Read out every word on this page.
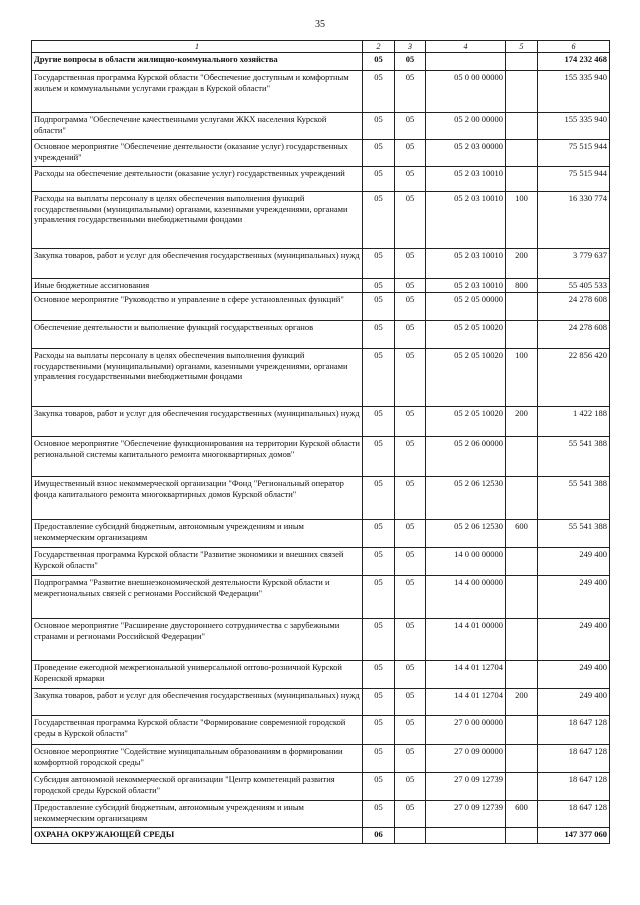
35
1	2	3	4	5	6
Другие вопросы в области жилищно-коммунального хозяйства	05	05			174 232 468
Государственная программа Курской области "Обеспечение доступным и комфортным жильем и коммунальными услугами граждан в Курской области"	05	05	05 0 00 00000		155 335 940
Подпрограмма "Обеспечение качественными услугами ЖКХ населения Курской области"	05	05	05 2 00 00000		155 335 940
Основное мероприятие "Обеспечение деятельности (оказание услуг) государственных учреждений"	05	05	05 2 03 00000		75 515 944
Расходы на обеспечение деятельности (оказание услуг) государственных учреждений	05	05	05 2 03 10010		75 515 944
Расходы на выплаты персоналу в целях обеспечения выполнения функций государственными (муниципальными) органами, казенными учреждениями, органами управления государственными внебюджетными фондами	05	05	05 2 03 10010	100	16 330 774
Закупка товаров, работ и услуг для обеспечения государственных (муниципальных) нужд	05	05	05 2 03 10010	200	3 779 637
Иные бюджетные ассигнования	05	05	05 2 03 10010	800	55 405 533
Основное мероприятие "Руководство и управление в сфере установленных функций"	05	05	05 2 05 00000		24 278 608
Обеспечение деятельности и выполнение функций государственных органов	05	05	05 2 05 10020		24 278 608
Расходы на выплаты персоналу в целях обеспечения выполнения функций государственными (муниципальными) органами, казенными учреждениями, органами управления государственными внебюджетными фондами	05	05	05 2 05 10020	100	22 856 420
Закупка товаров, работ и услуг для обеспечения государственных (муниципальных) нужд	05	05	05 2 05 10020	200	1 422 188
Основное мероприятие "Обеспечение функционирования на территории Курской области региональной системы капитального ремонта многоквартирных домов"	05	05	05 2 06 00000		55 541 388
Имущественный взнос некоммерческой организации "Фонд "Региональный оператор фонда капитального ремонта многоквартирных домов Курской области"	05	05	05 2 06 12530		55 541 388
Предоставление субсидий бюджетным, автономным учреждениям и иным некоммерческим организациям	05	05	05 2 06 12530	600	55 541 388
Государственная программа Курской области "Развитие экономики и внешних связей Курской области"	05	05	14 0 00 00000		249 400
Подпрограмма "Развитие внешнеэкономической деятельности Курской области и межрегиональных связей с регионами Российской Федерации"	05	05	14 4 00 00000		249 400
Основное мероприятие "Расширение двустороннего сотрудничества с зарубежными странами и регионами Российской Федерации"	05	05	14 4 01 00000		249 400
Проведение ежегодной межрегиональной универсальной оптово-розничной Курской Коренской ярмарки	05	05	14 4 01 12704		249 400
Закупка товаров, работ и услуг для обеспечения государственных (муниципальных) нужд	05	05	14 4 01 12704	200	249 400
Государственная программа Курской области "Формирование современной городской среды в Курской области"	05	05	27 0 00 00000		18 647 128
Основное мероприятие "Содействие муниципальным образованиям в формировании комфортной городской среды"	05	05	27 0 09 00000		18 647 128
Субсидия автономной некоммерческой организации "Центр компетенций развития городской среды Курской области"	05	05	27 0 09 12739		18 647 128
Предоставление субсидий бюджетным, автономным учреждениям и иным некоммерческим организациям	05	05	27 0 09 12739	600	18 647 128
ОХРАНА ОКРУЖАЮЩЕЙ СРЕДЫ	06				147 377 060
